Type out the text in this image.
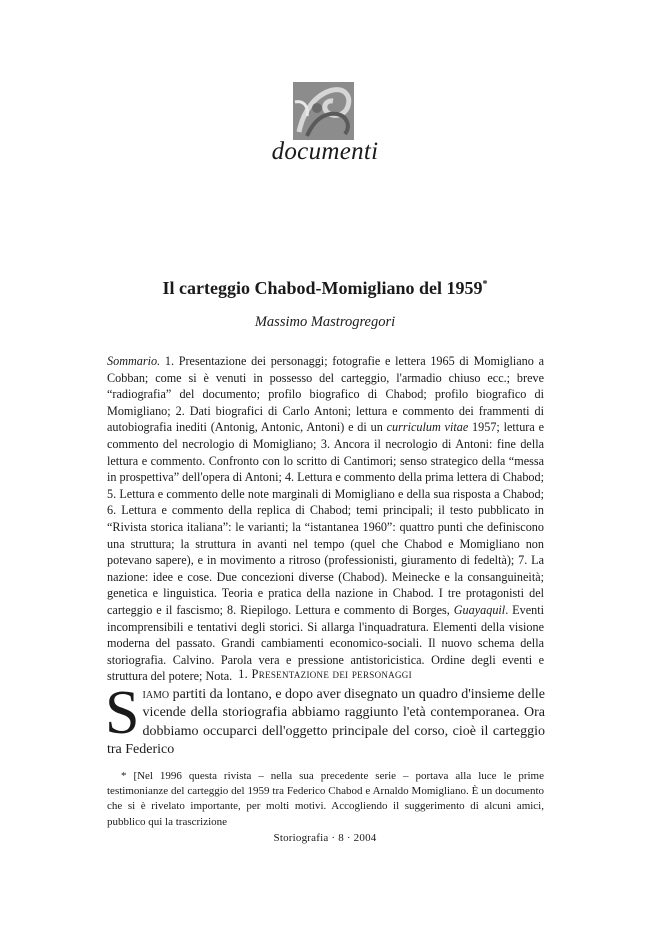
documenti
Il carteggio Chabod-Momigliano del 1959*
Massimo Mastrogregori
Sommario. 1. Presentazione dei personaggi; fotografie e lettera 1965 di Momigliano a Cobban; come si è venuti in possesso del carteggio, l'armadio chiuso ecc.; breve “radiografia” del documento; profilo biografico di Chabod; profilo biografico di Momigliano; 2. Dati biografici di Carlo Antoni; lettura e commento dei frammenti di autobiografia inediti (Antonig, Antonic, Antoni) e di un curriculum vitae 1957; lettura e commento del necrologio di Momigliano; 3. Ancora il necrologio di Antoni: fine della lettura e commento. Confronto con lo scritto di Cantimori; senso strategico della “messa in prospettiva” dell'opera di Antoni; 4. Lettura e commento della prima lettera di Chabod; 5. Lettura e commento delle note marginali di Momigliano e della sua risposta a Chabod; 6. Lettura e commento della replica di Chabod; temi principali; il testo pubblicato in “Rivista storica italiana”: le varianti; la “istantanea 1960”: quattro punti che definiscono una struttura; la struttura in avanti nel tempo (quel che Chabod e Momigliano non potevano sapere), e in movimento a ritroso (professionisti, giuramento di fedeltà); 7. La nazione: idee e cose. Due concezioni diverse (Chabod). Meinecke e la consanguineità; genetica e linguistica. Teoria e pratica della nazione in Chabod. I tre protagonisti del carteggio e il fascismo; 8. Riepilogo. Lettura e commento di Borges, Guayaquil. Eventi incomprensibili e tentativi degli storici. Si allarga l'inquadratura. Elementi della visione moderna del passato. Grandi cambiamenti economico-sociali. Il nuovo schema della storiografia. Calvino. Parola vera e pressione antistoricistica. Ordine degli eventi e struttura del potere; Nota. 1. Presentazione dei personaggi
Siamo partiti da lontano, e dopo aver disegnato un quadro d'insieme delle vicende della storiografia abbiamo raggiunto l'età contemporanea. Ora dobbiamo occuparci dell'oggetto principale del corso, cioè il carteggio tra Federico
* [Nel 1996 questa rivista – nella sua precedente serie – portava alla luce le prime testimonianze del carteggio del 1959 tra Federico Chabod e Arnaldo Momigliano. È un documento che si è rivelato importante, per molti motivi. Accogliendo il suggerimento di alcuni amici, pubblico qui la trascrizione
Storiografia · 8 · 2004
